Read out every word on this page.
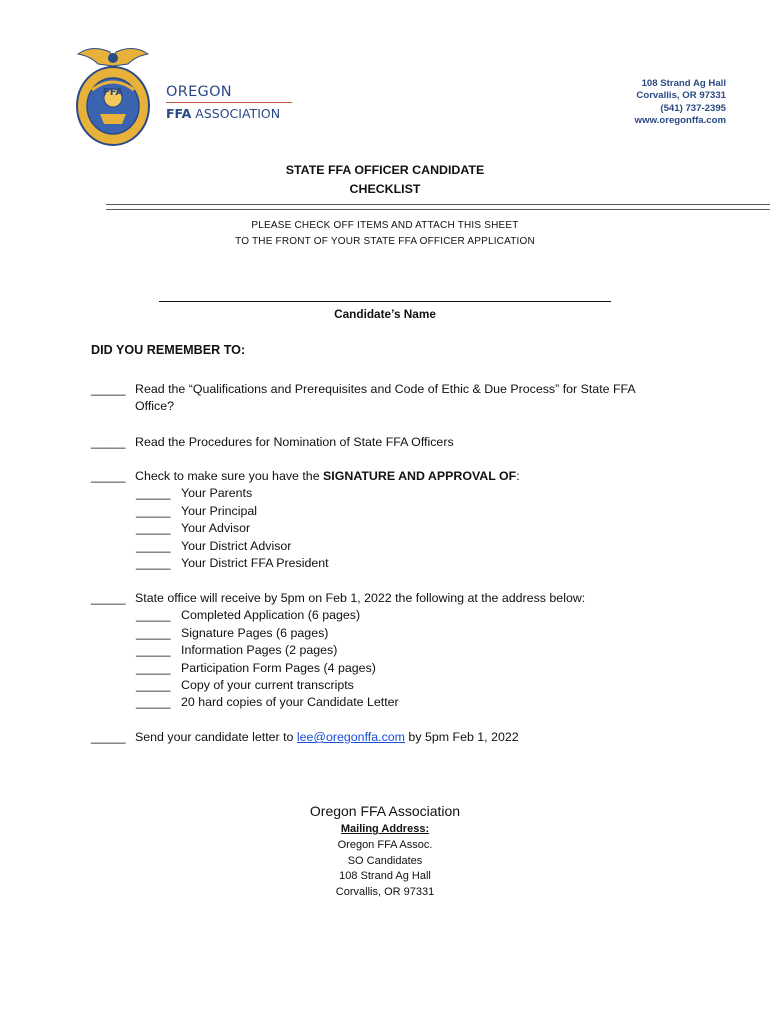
FFA	OREGON
FFA ASSOCIATION
108 Strand Ag Hall
Corvallis, OR 97331
(541) 737-2395
www.oregonffa.com
STATE FFA OFFICER CANDIDATE
CHECKLIST
PLEASE CHECK OFF ITEMS AND ATTACH THIS SHEET
TO THE FRONT OF YOUR STATE FFA OFFICER APPLICATION
Candidate’s Name
DID YOU REMEMBER TO:
_____ Read the “Qualifications and Prerequisites and Code of Ethic & Due Process” for State FFA Office?
_____ Read the Procedures for Nomination of State FFA Officers
_____ Check to make sure you have the SIGNATURE AND APPROVAL OF:
_____ Your Parents
_____ Your Principal
_____ Your Advisor
_____ Your District Advisor
_____ Your District FFA President
_____ State office will receive by 5pm on Feb 1, 2022 the following at the address below:
_____ Completed Application (6 pages)
_____ Signature Pages (6 pages)
_____ Information Pages (2 pages)
_____ Participation Form Pages (4 pages)
_____ Copy of your current transcripts
_____ 20 hard copies of your Candidate Letter
_____ Send your candidate letter to lee@oregonffa.com by 5pm Feb 1, 2022
Oregon FFA Association
Mailing Address:
Oregon FFA Assoc.
SO Candidates
108 Strand Ag Hall
Corvallis, OR 97331
